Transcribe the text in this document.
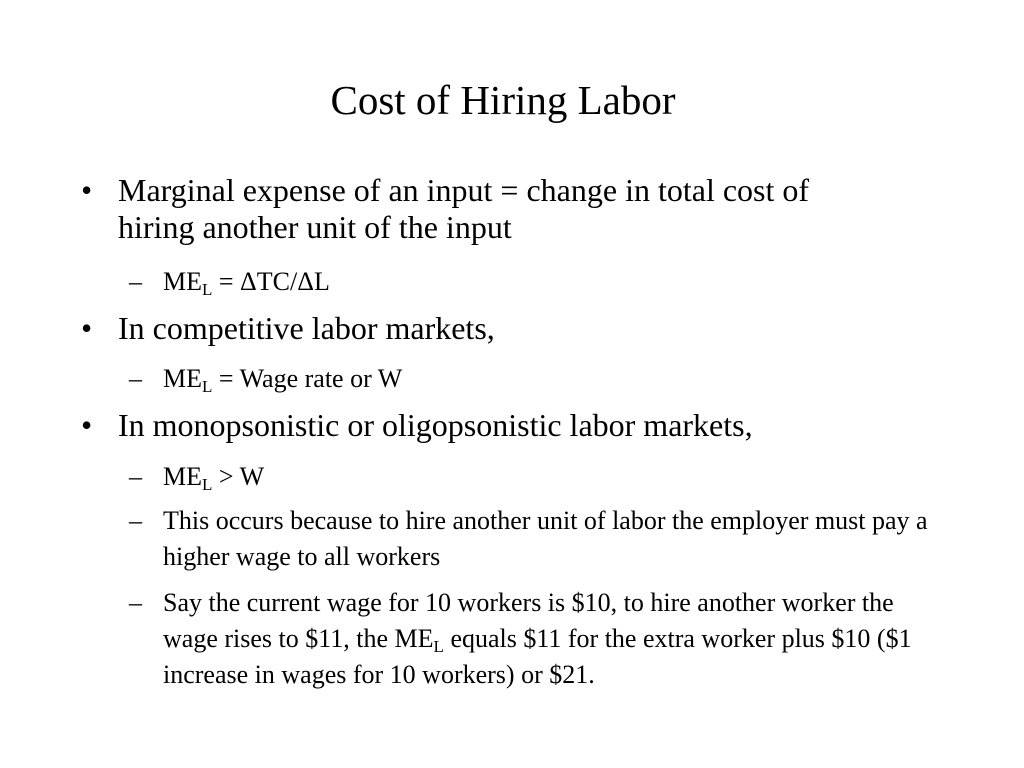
Cost of Hiring Labor
• Marginal expense of an input = change in total cost of hiring another unit of the input
– $ME_L = \Delta TC/\Delta L$
• In competitive labor markets,
– $ME_L$ = Wage rate or W
• In monopsonistic or oligopsonistic labor markets,
– $ME_L > W$
– This occurs because to hire another unit of labor the employer must pay a higher wage to all workers
– Say the current wage for 10 workers is $10, to hire another worker the wage rises to $11, the $ME_L$ equals $11 for the extra worker plus $10 ($1 increase in wages for 10 workers) or $21.
